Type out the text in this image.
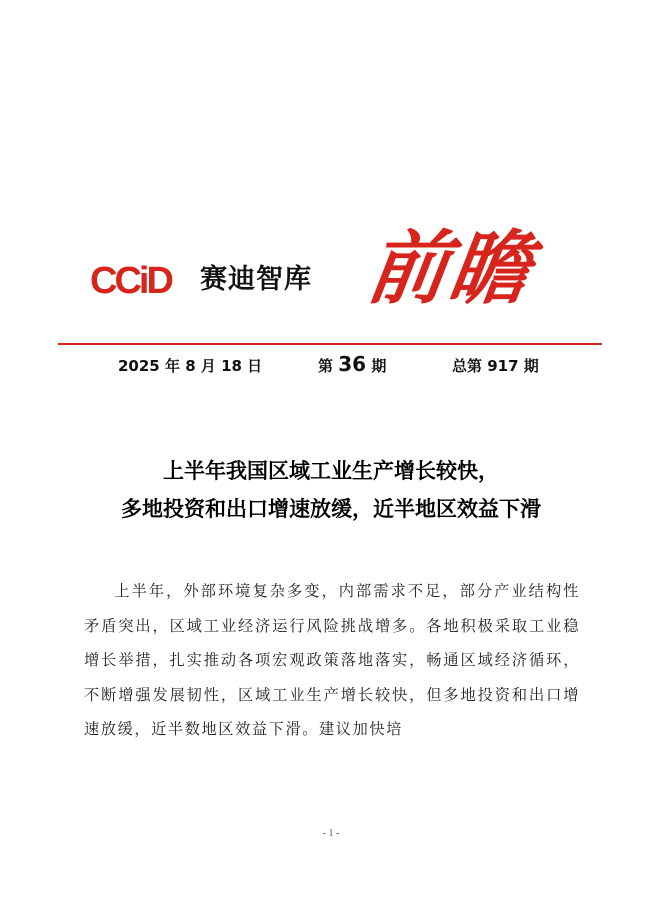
CCiD 赛迪智库 前瞻
2025 年 8 月 18 日	第 36 期	总第 917 期
上半年我国区域工业生产增长较快，
多地投资和出口增速放缓，近半地区效益下滑
上半年，外部环境复杂多变，内部需求不足，部分产业结构性矛盾突出，区域工业经济运行风险挑战增多。各地积极采取工业稳增长举措，扎实推动各项宏观政策落地落实，畅通区域经济循环，不断增强发展韧性，区域工业生产增长较快，但多地投资和出口增速放缓，近半数地区效益下滑。建议加快培
- 1 -
